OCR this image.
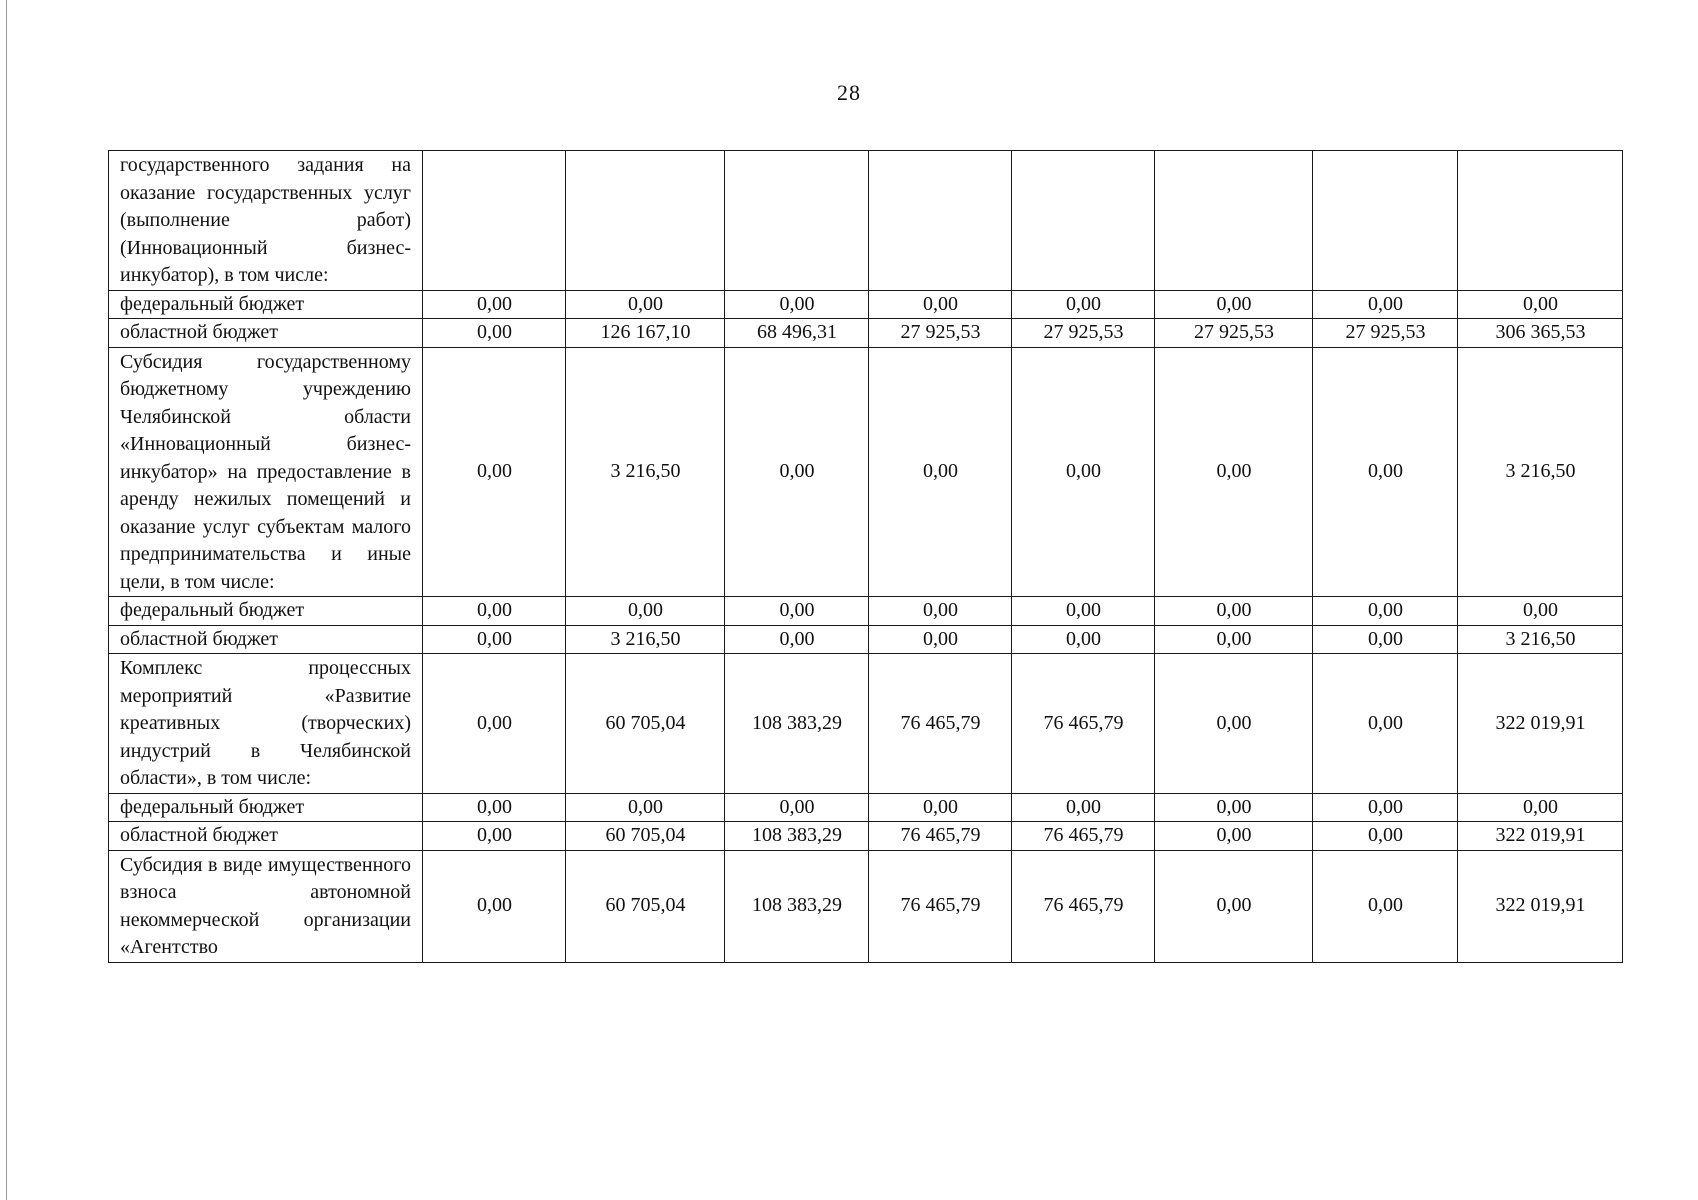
28
государственного задания на оказание государственных услуг (выполнение работ) (Инновационный бизнес-инкубатор), в том числе:								
федеральный бюджет	0,00	0,00	0,00	0,00	0,00	0,00	0,00	0,00
областной бюджет	0,00	126 167,10	68 496,31	27 925,53	27 925,53	27 925,53	27 925,53	306 365,53
Субсидия государственному бюджетному учреждению Челябинской области «Инновационный бизнес-инкубатор» на предоставление в аренду нежилых помещений и оказание услуг субъектам малого предпринимательства и иные цели, в том числе:	0,00	3 216,50	0,00	0,00	0,00	0,00	0,00	3 216,50
федеральный бюджет	0,00	0,00	0,00	0,00	0,00	0,00	0,00	0,00
областной бюджет	0,00	3 216,50	0,00	0,00	0,00	0,00	0,00	3 216,50
Комплекс процессных мероприятий «Развитие креативных (творческих) индустрий в Челябинской области», в том числе:	0,00	60 705,04	108 383,29	76 465,79	76 465,79	0,00	0,00	322 019,91
федеральный бюджет	0,00	0,00	0,00	0,00	0,00	0,00	0,00	0,00
областной бюджет	0,00	60 705,04	108 383,29	76 465,79	76 465,79	0,00	0,00	322 019,91
Субсидия в виде имущественного взноса автономной некоммерческой организации «Агентство	0,00	60 705,04	108 383,29	76 465,79	76 465,79	0,00	0,00	322 019,91
